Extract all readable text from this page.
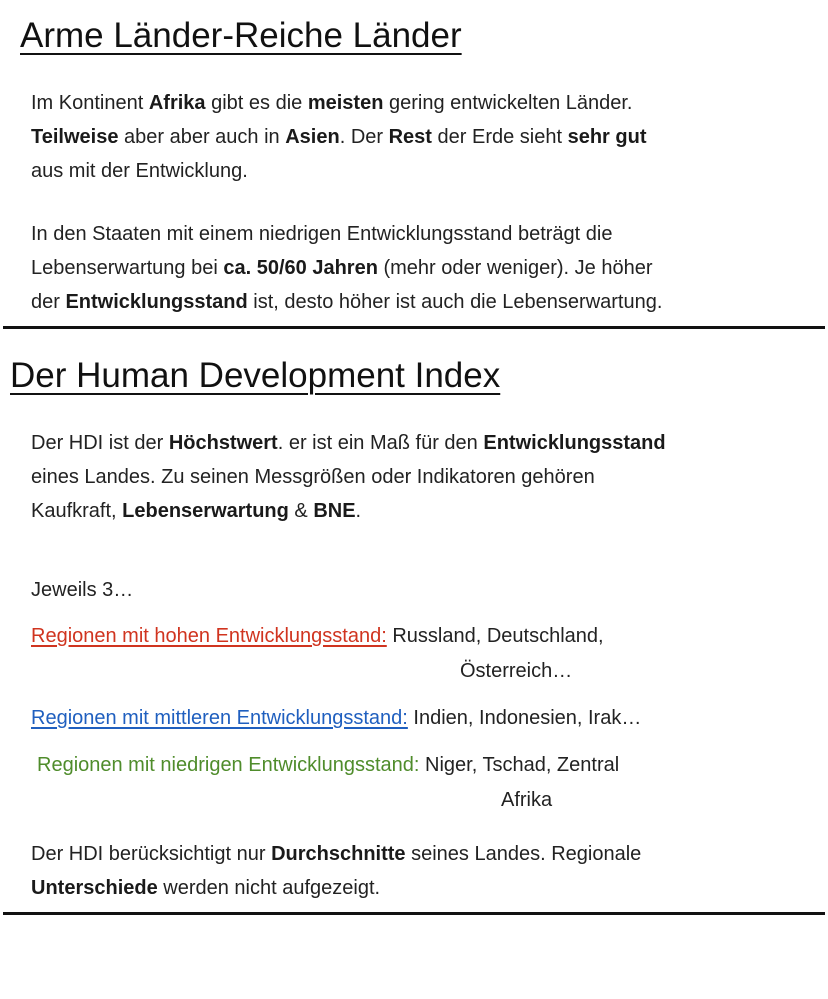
Arme Länder-Reiche Länder
Im Kontinent Afrika gibt es die meisten gering entwickelten Länder.
Teilweise aber aber auch in Asien. Der Rest der Erde sieht sehr gut
aus mit der Entwicklung.
In den Staaten mit einem niedrigen Entwicklungsstand beträgt die
Lebenserwartung bei ca. 50/60 Jahren (mehr oder weniger). Je höher
der Entwicklungsstand ist, desto höher ist auch die Lebenserwartung.
Der Human Development Index
Der HDI ist der Höchstwert. er ist ein Maß für den Entwicklungsstand
eines Landes. Zu seinen Messgrößen oder Indikatoren gehören
Kaufkraft, Lebenserwartung & BNE.
Jeweils 3…
Regionen mit hohen Entwicklungsstand: Russland, Deutschland,
Österreich…
Regionen mit mittleren Entwicklungsstand: Indien, Indonesien, Irak…
Regionen mit niedrigen Entwicklungsstand: Niger, Tschad, Zentral
Afrika
Der HDI berücksichtigt nur Durchschnitte seines Landes. Regionale
Unterschiede werden nicht aufgezeigt.
